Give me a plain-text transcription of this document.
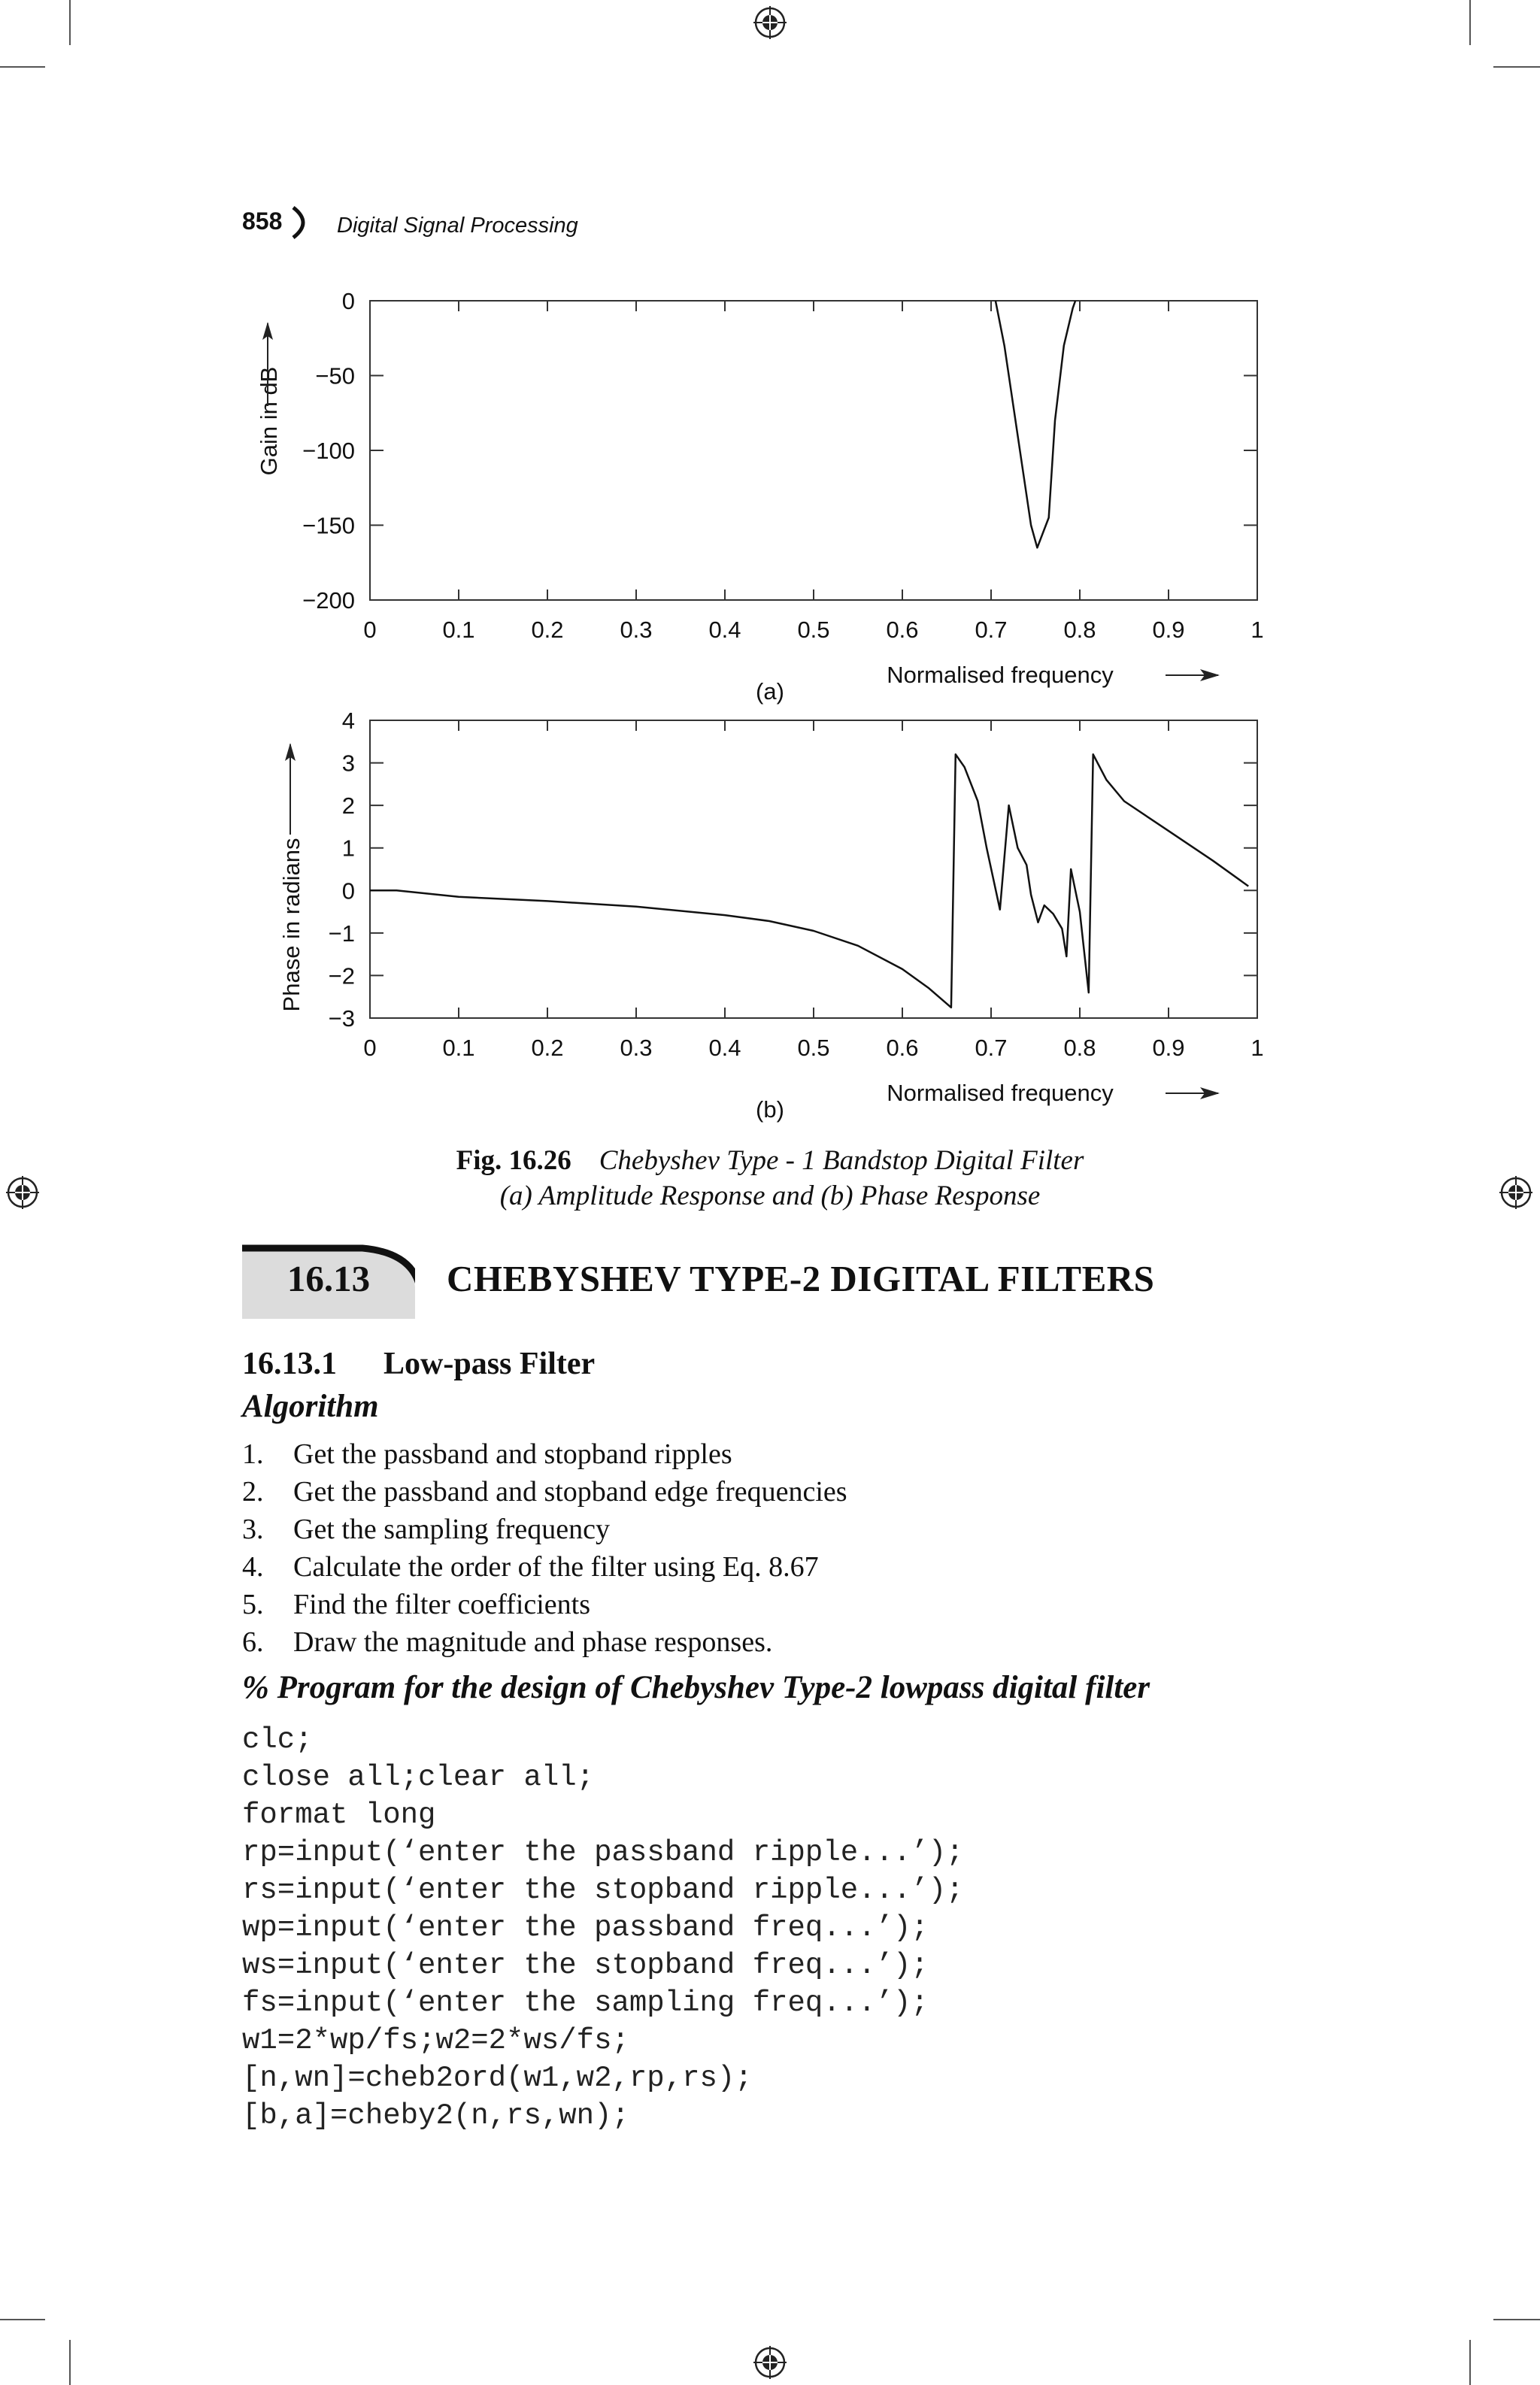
858	Digital Signal Processing
0	0.1 0.2 0.3 0.4 0.5 0.6 0.7 0.8 0.9	1
0
−50
−100
−150
−200
Normalised frequency
Gain in dB
(a)
0	0.1 0.2 0.3 0.4 0.5 0.6 0.7 0.8 0.9	1
4
3
2
1
0
−1
−2
−3
Normalised frequency
Phase in radians
(b)
Fig. 16.26 Chebyshev Type - 1 Bandstop Digital Filter
(a) Amplitude Response and (b) Phase Response
16.13	CHEBYSHEV TYPE-2 DIGITAL FILTERS
16.13.1 Low-pass Filter
Algorithm
1. Get the passband and stopband ripples
2. Get the passband and stopband edge frequencies
3. Get the sampling frequency
4. Calculate the order of the filter using Eq. 8.67
5. Find the filter coefficients
6. Draw the magnitude and phase responses.
% Program for the design of Chebyshev Type-2 lowpass digital filter
clc;
close all;clear all;
format long
rp=input(‘enter the passband ripple...’);
rs=input(‘enter the stopband ripple...’);
wp=input(‘enter the passband freq...’);
ws=input(‘enter the stopband freq...’);
fs=input(‘enter the sampling freq...’);
w1=2*wp/fs;w2=2*ws/fs;
[n,wn]=cheb2ord(w1,w2,rp,rs);
[b,a]=cheby2(n,rs,wn);
